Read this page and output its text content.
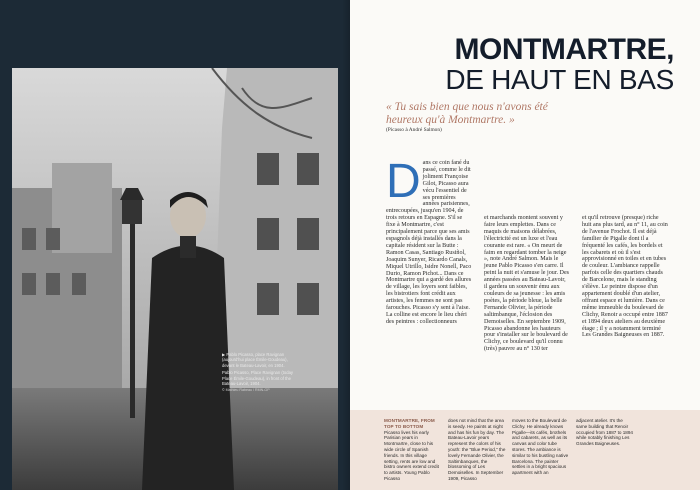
▶ Pablo Picasso, place Ravignan (aujourd'hui place Émile-Goudeau), devant le Bateau-Lavoir, en 1904.

Pablo Picasso, Place Ravignan (today Place Émile-Goudeau), in front of the Bateau-Lavoir, 1904.

© Mathieu Rabeau / RMN-GP

MONTMARTRE,
DE HAUT EN BAS
« Tu sais bien que nous n'avons été heureux qu'à Montmartre. »
(Picasso à André Salmon)
D ans ce coin fané du passé, comme le dit joliment Françoise Gilot, Picasso aura vécu l'essentiel de ses premières années parisiennes, entrecoupées, jusqu'en 1904, de trois retours en Espagne. S'il se fixe à Montmartre, c'est principalement parce que ses amis espagnols déjà installés dans la capitale résident sur la Butte : Ramon Casas, Santiago Rusiñol, Joaquim Sunyer, Ricardo Canals, Miquel Utrillo, Isidre Nonell, Paco Durio, Ramon Pichot... Dans ce Montmartre qui a gardé des allures de village, les loyers sont faibles, les bistrotiers font crédit aux artistes, les femmes ne sont pas farouches. Picasso s'y sent à l'aise. La colline est encore le lieu chéri des peintres : collectionneurs
et marchands montent souvent y faire leurs emplettes. Dans ce maquis de maisons délabrées, l'électricité est un luxe et l'eau courante est rare. « On meurt de faim en regardant tomber la neige », note André Salmon. Mais le jeune Pablo Picasso s'en carre. Il peint la nuit et s'amuse le jour. Des années passées au Bateau-Lavoir, il gardera un souvenir ému aux couleurs de sa jeunesse : les amis poètes, la période bleue, la belle Fernande Olivier, la période saltimbanque, l'éclosion des Demoiselles. En septembre 1909, Picasso abandonne les hauteurs pour s'installer sur le boulevard de Clichy, ce boulevard qu'il connu (très) pauvre au n° 130 ter
et qu'il retrouve (presque) riche huit ans plus tard, au n° 11, au coin de l'avenue Frochot. Il est déjà familier de Pigalle dont il a fréquenté les cafés, les bordels et les cabarets et où il s'est approvisionné en toiles et en tubes de couleur. L'ambiance rappelle parfois celle des quartiers chauds de Barcelone, mais le standing s'élève. Le peintre dispose d'un appartement doublé d'un atelier, offrant espace et lumière. Dans ce même immeuble du boulevard de Clichy, Renoir a occupé entre 1887 et 1894 deux ateliers au deuxième étage ; il y a notamment terminé Les Grandes Baigneuses en 1887.
MONTMARTRE, FROM TOP TO BOTTOM
Picasso lives his early Parisian years in Montmartre, close to his wide circle of Spanish friends. In this village setting, rents are low and bistro owners extend credit to artists. Young Pablo Picasso
does not mind that the area is seedy. He paints at night and has his fun by day. The Bateau-Lavoir years represent the colors of his youth: the "Blue Period," the lovely Fernande Olivier, the Saltimbanques, the blossoming of Les Demoiselles. In September 1909, Picasso
moves to the Boulevard de Clichy. He already knows Pigalle—its cafés, brothels and cabarets, as well as its canvas and color tube stores. The ambiance is similar to his bustling native Barcelona. The painter settles in a bright spacious apartment with an
adjacent atelier. It's the same building that Renoir occupied from 1887 to 1894 while notably finishing Les Grandes Baigneuses.
